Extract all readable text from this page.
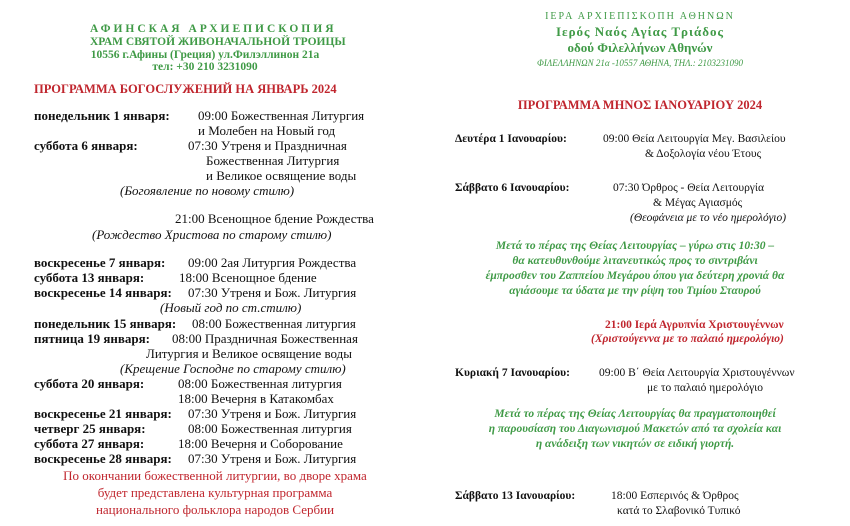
АФИНСКАЯ АРХИЕПИСКОПИЯ
ХРАМ СВЯТОЙ ЖИВОНАЧАЛЬНОЙ ТРОИЦЫ
10556 г.Афины (Греция) ул.Филэллинон 21а
тел: +30 210 3231090
ПРОГРАММА БОГОСЛУЖЕНИЙ НА ЯНВАРЬ 2024
понедельник 1 января: 09:00 Божественная Литургия
и Молебен на Новый год
суббота 6 января:	07:30 Утреня и Праздничная
Божественная Литургия
и Великое освящение воды
(Богоявление по новому стилю)
21:00 Всенощное бдение Рождества
(Рождество Христова по старому стилю)
воскресенье 7 января: 09:00 2ая Литургия Рождества
суббота 13 января:	18:00 Всенощное бдение
воскресенье 14 января: 07:30 Утреня и Бож. Литургия
(Новый год по ст.стилю)
понедельник 15 января: 08:00 Божественная литургия
пятница 19 января: 08:00 Праздничная Божественная
Литургия и Великое освящение воды
(Крещение Господне по старому стилю)
суббота 20 января:	08:00 Божественная литургия
18:00 Вечерня в Катакомбах
воскресенье 21 января: 07:30 Утреня и Бож. Литургия
четверг 25 января:	08:00 Божественная литургия
суббота 27 января:	18:00 Вечерня и Соборование
воскресенье 28 января: 07:30 Утреня и Бож. Литургия
По окончании божественной литургии, во дворе храма
будет представлена культурная программа
национального фольклора народов Сербии
ΙΕΡΑ ΑΡΧΙΕΠΙΣΚΟΠΗ ΑΘΗΝΩΝ
Ιερός Ναός Αγίας Τριάδος
οδού Φιλελλήνων Αθηνών
ΦΙΛΕΛΛΗΝΩΝ 21α -10557 ΑΘΗΝΑ, ΤΗΛ.: 2103231090
ΠΡΟΓΡΑΜΜΑ ΜΗΝΟΣ ΙΑΝΟΥΑΡΙΟΥ 2024
Δευτέρα 1 Ιανουαρίου:	09:00 Θεία Λειτουργία Μεγ. Βασιλείου
& Δοξολογία νέου Έτους
Σάββατο 6 Ιανουαρίου:	07:30 Όρθρος - Θεία Λειτουργία
& Μέγας Αγιασμός
(Θεοφάνεια με το νέο ημερολόγιο)
Μετά το πέρας της Θείας Λειτουργίας – γύρω στις 10:30 –
θα κατευθυνθούμε λιτανευτικώς προς το σιντριβάνι
έμπροσθεν του Ζαππείου Μεγάρου όπου για δεύτερη χρονιά θα
αγιάσουμε τα ύδατα με την ρίψη του Τιμίου Σταυρού
21:00 Ιερά Αγρυπνία Χριστουγέννων
(Χριστούγεννα με το παλαιό ημερολόγιο)
Κυριακή 7 Ιανουαρίου:	09:00 Β΄ Θεία Λειτουργία Χριστουγέννων
με το παλαιό ημερολόγιο
Μετά το πέρας της Θείας Λειτουργίας θα πραγματοποιηθεί
η παρουσίαση του Διαγωνισμού Μακετών από τα σχολεία και
η ανάδειξη των νικητών σε ειδική γιορτή.
Σάββατο 13 Ιανουαρίου:	18:00 Εσπερινός & Όρθρος
κατά το Σλαβονικό Τυπικό
